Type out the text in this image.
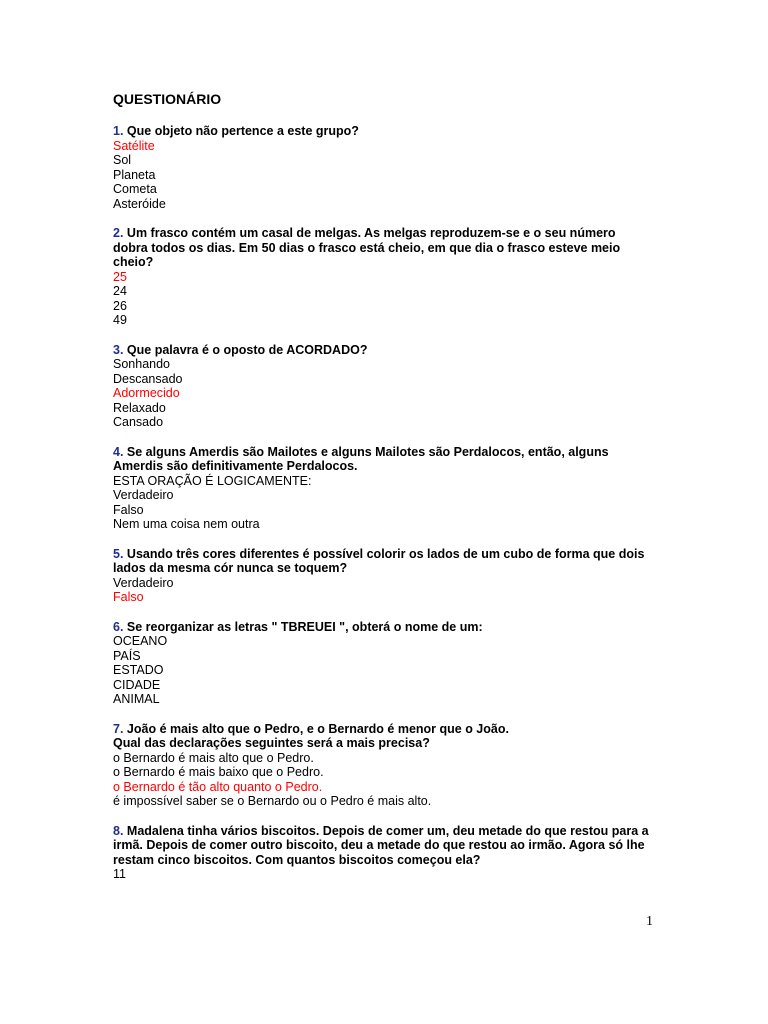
QUESTIONÁRIO

1. Que objeto não pertence a este grupo?

Satélite

Sol

Planeta

Cometa

Asteróide

2. Um frasco contém um casal de melgas. As melgas reproduzem-se e o seu número dobra todos os dias. Em 50 dias o frasco está cheio, em que dia o frasco esteve meio cheio?

25

24

26

49

3. Que palavra é o oposto de ACORDADO?

Sonhando

Descansado

Adormecido

Relaxado

Cansado

4. Se alguns Amerdis são Mailotes e alguns Mailotes são Perdalocos, então, alguns Amerdis são definitivamente Perdalocos.

ESTA ORAÇÃO É LOGICAMENTE:

Verdadeiro

Falso

Nem uma coisa nem outra

5. Usando três cores diferentes é possível colorir os lados de um cubo de forma que dois lados da mesma cór nunca se toquem?

Verdadeiro

Falso

6. Se reorganizar as letras " TBREUEI ", obterá o nome de um:

OCEANO

PAÍS

ESTADO

CIDADE

ANIMAL

7. João é mais alto que o Pedro, e o Bernardo é menor que o João.

Qual das declarações seguintes será a mais precisa?

o Bernardo é mais alto que o Pedro.

o Bernardo é mais baixo que o Pedro.

o Bernardo é tão alto quanto o Pedro.

é impossível saber se o Bernardo ou o Pedro é mais alto.

8. Madalena tinha vários biscoitos. Depois de comer um, deu metade do que restou para a irmã. Depois de comer outro biscoito, deu a metade do que restou ao irmão. Agora só lhe restam cinco biscoitos. Com quantos biscoitos começou ela?

11

1
